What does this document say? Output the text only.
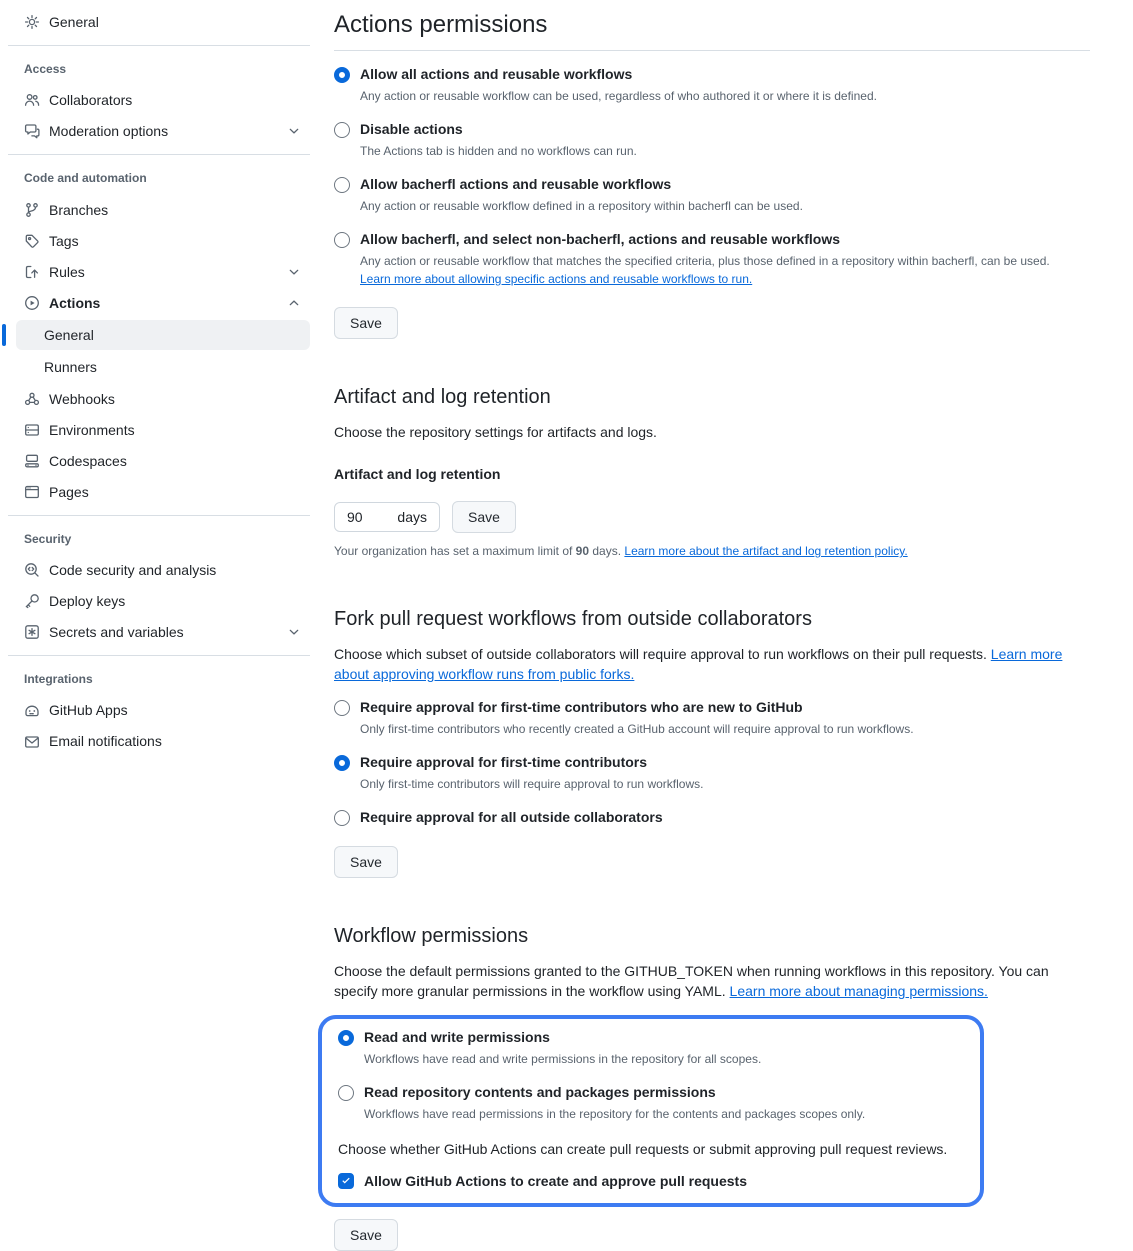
General
Access
Collaborators
Moderation options
Code and automation
Branches
Tags
Rules
Actions
General
Runners
Webhooks
Environments
Codespaces
Pages
Security
Code security and analysis
Deploy keys
Secrets and variables
Integrations
GitHub Apps
Email notifications
Actions permissions
Allow all actions and reusable workflows
Any action or reusable workflow can be used, regardless of who authored it or where it is defined.
Disable actions
The Actions tab is hidden and no workflows can run.
Allow bacherfl actions and reusable workflows
Any action or reusable workflow defined in a repository within bacherfl can be used.
Allow bacherfl, and select non-bacherfl, actions and reusable workflows
Any action or reusable workflow that matches the specified criteria, plus those defined in a repository within bacherfl, can be used.
Learn more about allowing specific actions and reusable workflows to run.
Save
Artifact and log retention

Choose the repository settings for artifacts and logs.

Artifact and log retention
90
days	Save
Your organization has set a maximum limit of 90 days. Learn more about the artifact and log retention policy.
Fork pull request workflows from outside collaborators

Choose which subset of outside collaborators will require approval to run workflows on their pull requests. Learn more about approving workflow runs from public forks.

Require approval for first-time contributors who are new to GitHub
Only first-time contributors who recently created a GitHub account will require approval to run workflows.
Require approval for first-time contributors
Only first-time contributors will require approval to run workflows.
Require approval for all outside collaborators
Save
Workflow permissions

Choose the default permissions granted to the GITHUB_TOKEN when running workflows in this repository. You can specify more granular permissions in the workflow using YAML. Learn more about managing permissions.

Read and write permissions
Workflows have read and write permissions in the repository for all scopes.
Read repository contents and packages permissions
Workflows have read permissions in the repository for the contents and packages scopes only.
Choose whether GitHub Actions can create pull requests or submit approving pull request reviews.
Allow GitHub Actions to create and approve pull requests
Save
